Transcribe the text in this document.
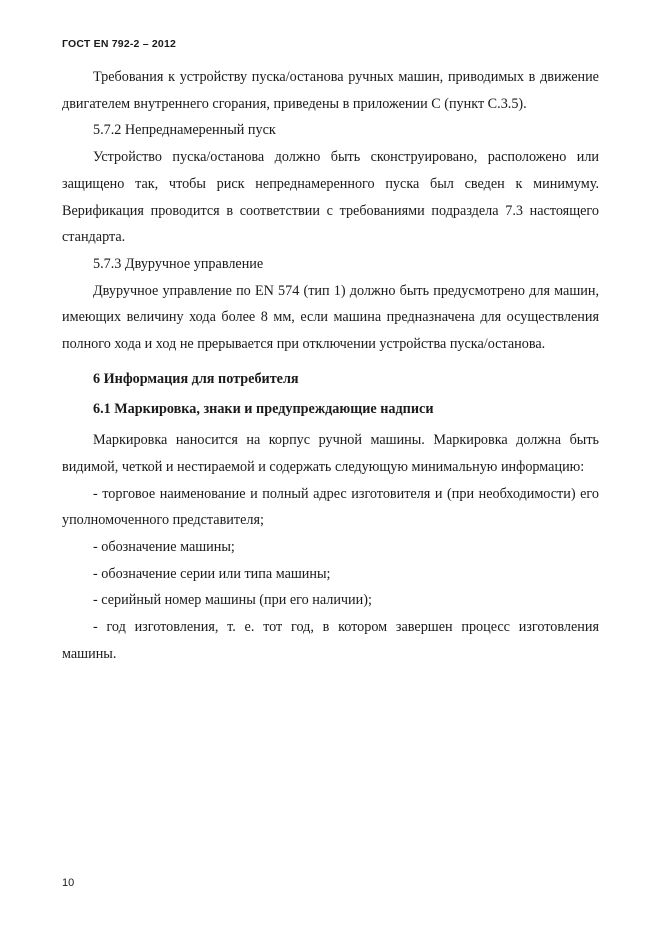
ГОСТ EN 792-2 – 2012

Требования к устройству пуска/останова ручных машин, приводимых в движение двигателем внутреннего сгорания, приведены в приложении С (пункт С.3.5).

5.7.2 Непреднамеренный пуск

Устройство пуска/останова должно быть сконструировано, расположено или защищено так, чтобы риск непреднамеренного пуска был сведен к минимуму. Верификация проводится в соответствии с требованиями подраздела 7.3 настоящего стандарта.

5.7.3 Двуручное управление

Двуручное управление по EN 574 (тип 1) должно быть предусмотрено для машин, имеющих величину хода более 8 мм, если машина предназначена для осуществления полного хода и ход не прерывается при отключении устройства пуска/останова.

6 Информация для потребителя

6.1 Маркировка, знаки и предупреждающие надписи

Маркировка наносится на корпус ручной машины. Маркировка должна быть видимой, четкой и нестираемой и содержать следующую минимальную информацию:

- торговое наименование и полный адрес изготовителя и (при необходимости) его уполномоченного представителя;

- обозначение машины;

- обозначение серии или типа машины;

- серийный номер машины (при его наличии);

- год изготовления, т. е. тот год, в котором завершен процесс изготовления машины.

10
